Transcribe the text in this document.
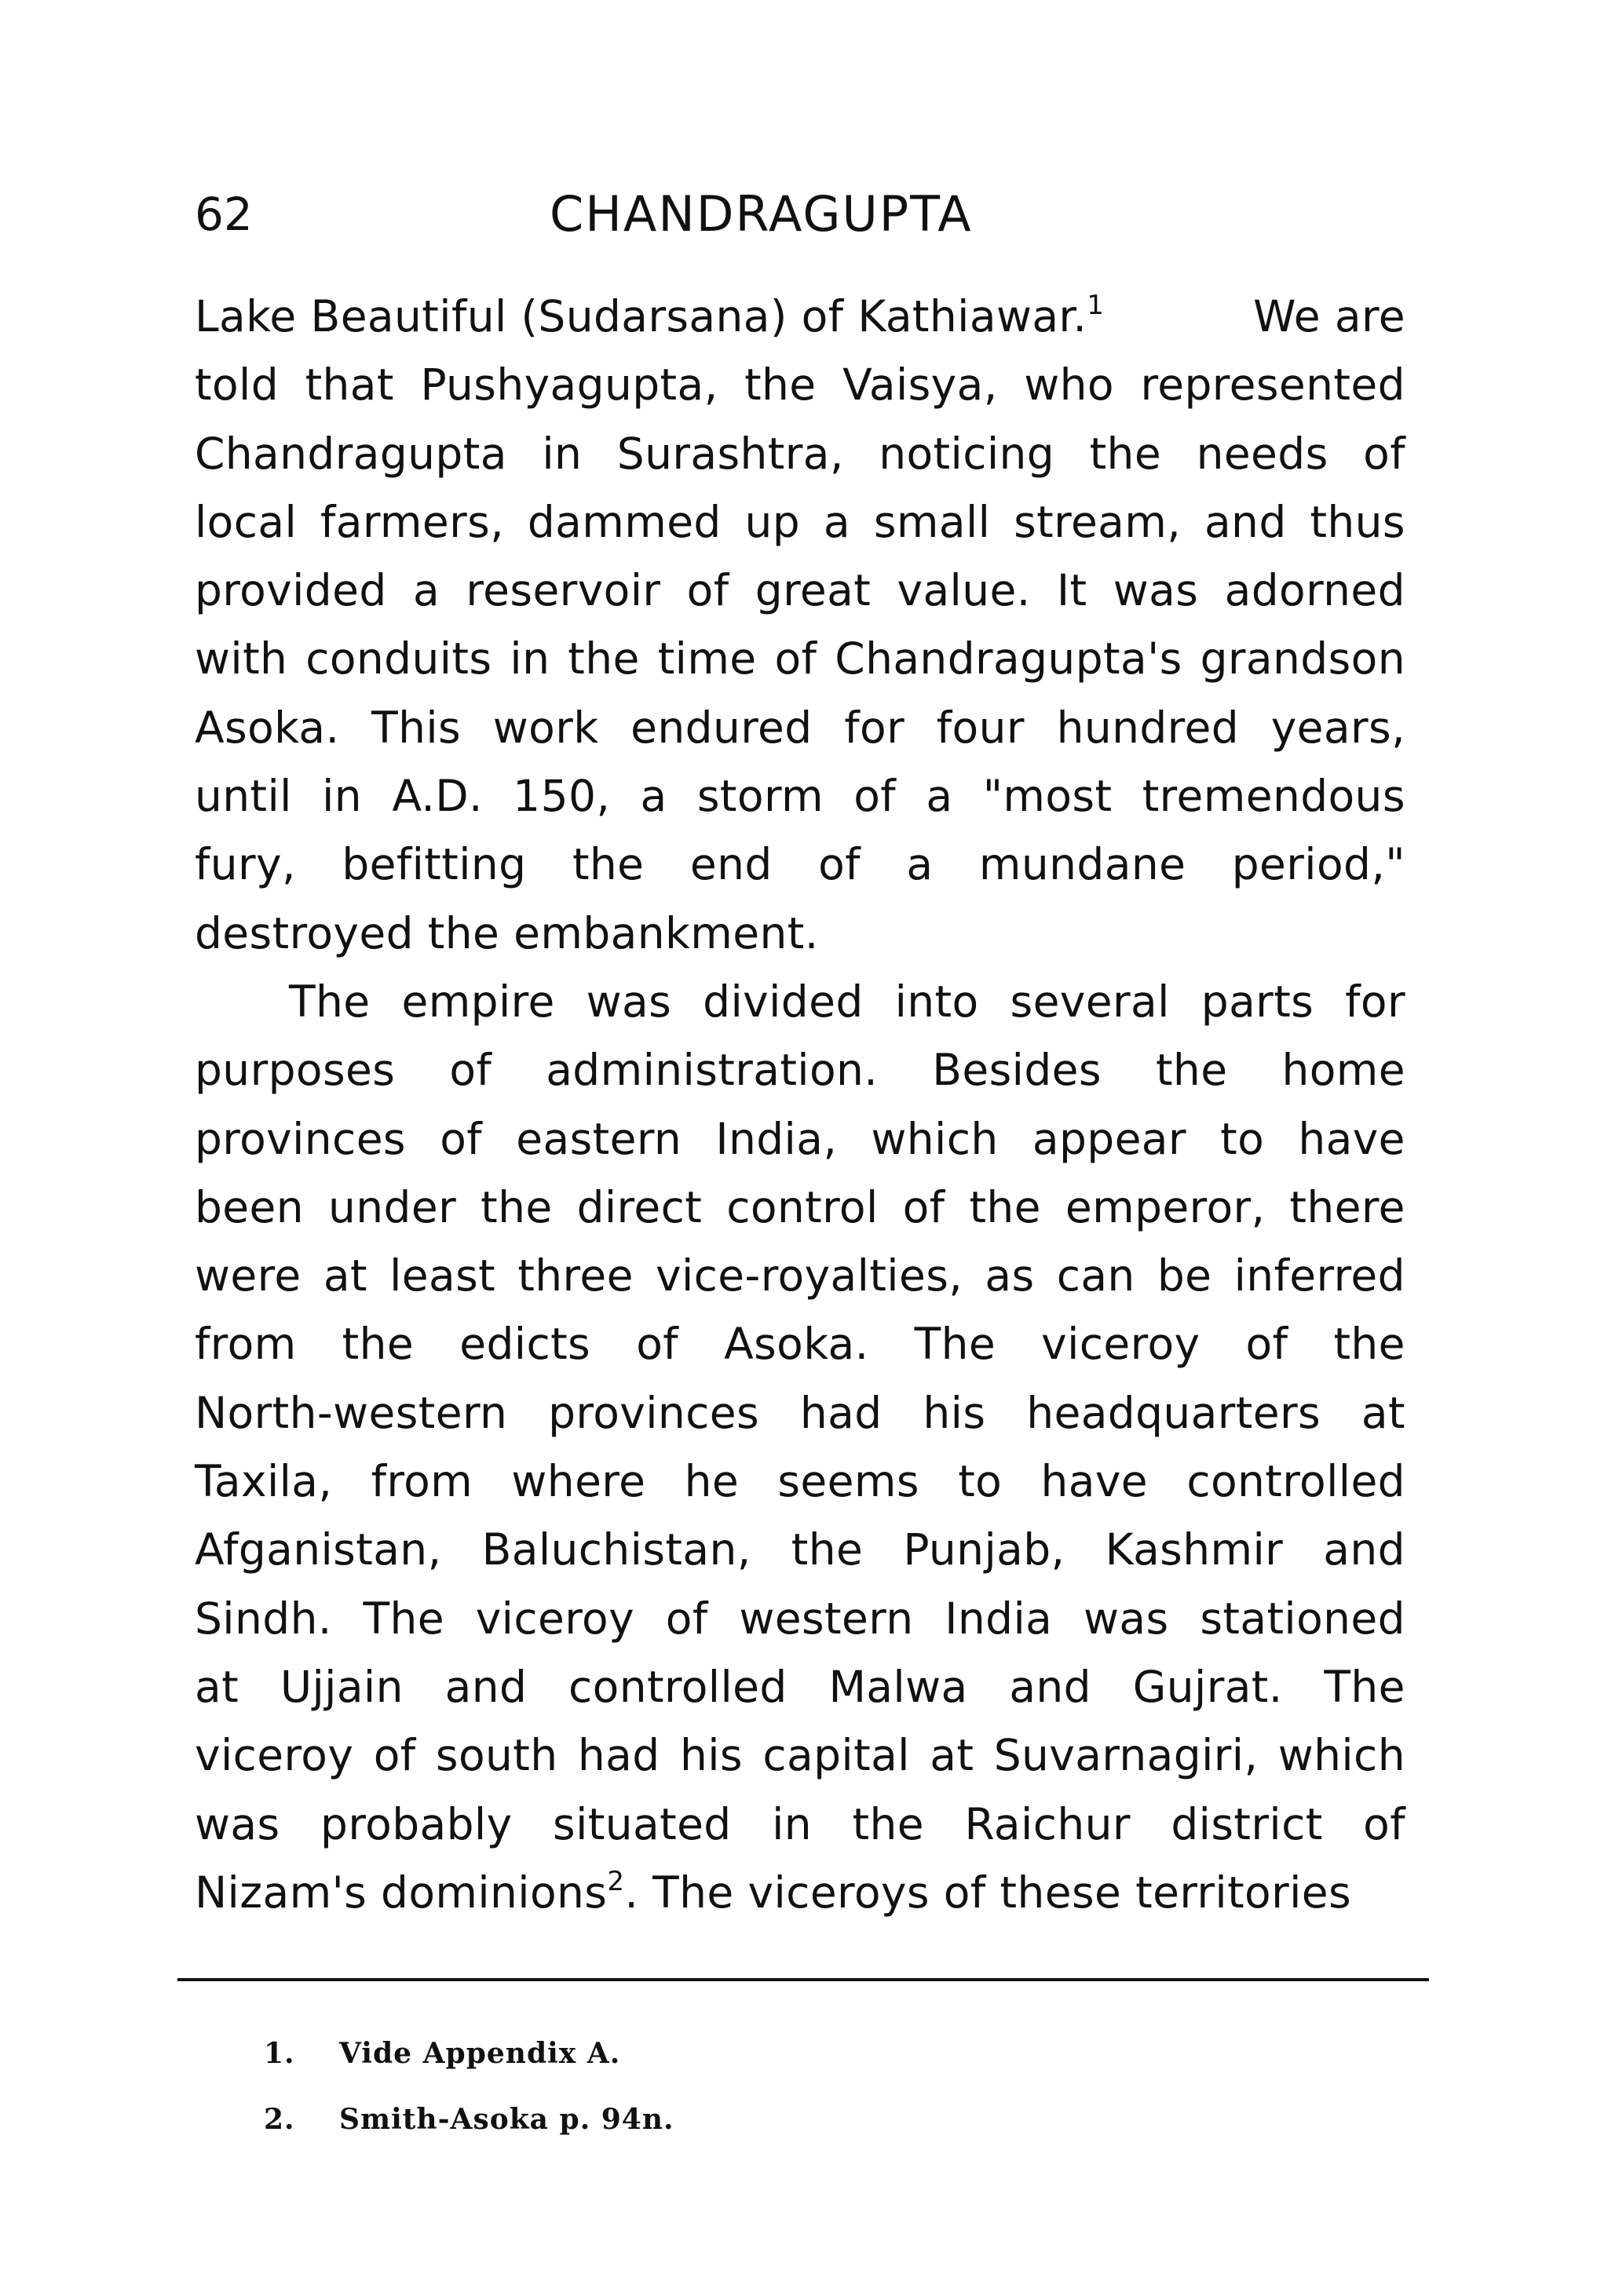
62	CHANDRAGUPTA
Lake Beautiful (Sudarsana) of Kathiawar.$^1$	We are
told that Pushyagupta, the Vaisya, who represented
Chandragupta in Surashtra, noticing the needs of
local farmers, dammed up a small stream, and thus
provided a reservoir of great value. It was adorned
with conduits in the time of Chandragupta's grandson
Asoka. This work endured for four hundred years,
until in A.D. 150, a storm of a "most tremendous
fury, befitting the end of a mundane period,"
destroyed the embankment.
The empire was divided into several parts for
purposes of administration. Besides the home
provinces of eastern India, which appear to have
been under the direct control of the emperor, there
were at least three vice-royalties, as can be inferred
from the edicts of Asoka. The viceroy of the
North-western provinces had his headquarters at
Taxila, from where he seems to have controlled
Afganistan, Baluchistan, the Punjab, Kashmir and
Sindh. The viceroy of western India was stationed
at Ujjain and controlled Malwa and Gujrat. The
viceroy of south had his capital at Suvarnagiri, which
was probably situated in the Raichur district of
Nizam's dominions$^2$. The viceroys of these territories
1.	Vide Appendix A.
2.	Smith-Asoka p. 94n.
